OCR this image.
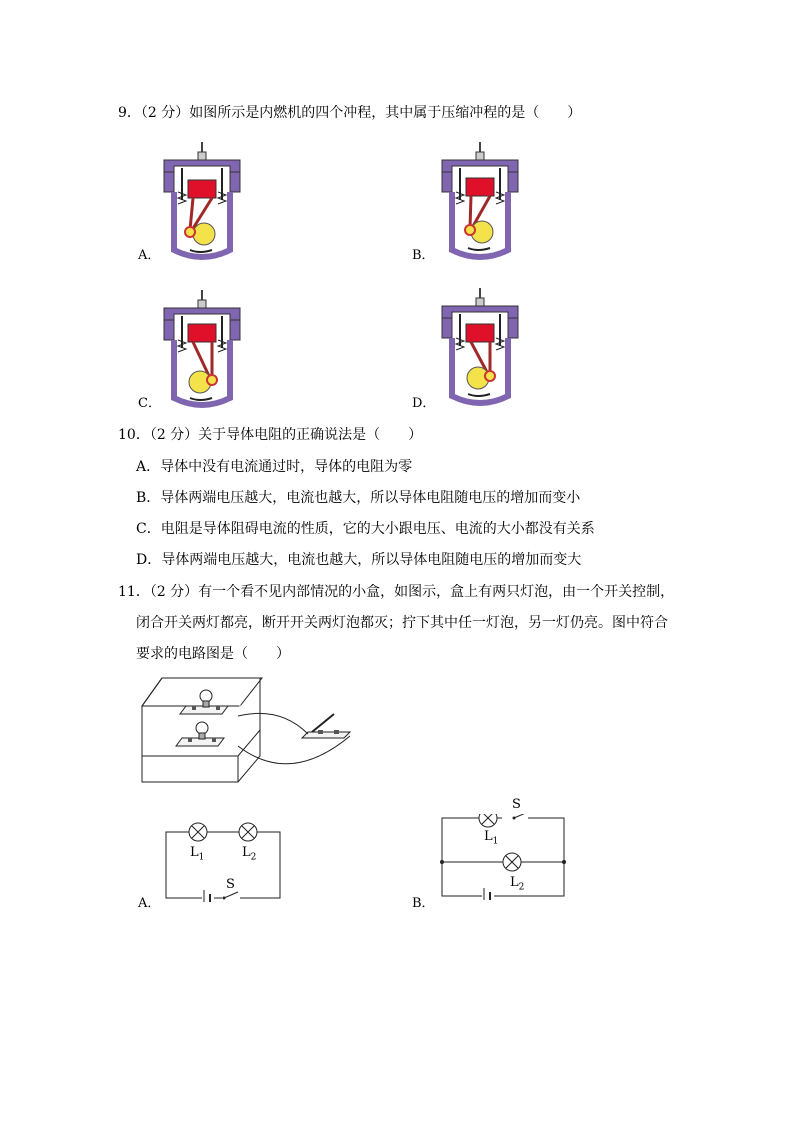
9．（2 分）如图所示是内燃机的四个冲程，其中属于压缩冲程的是（　　）
A．	B．
C．	D．
10．（2 分）关于导体电阻的正确说法是（　　）
A．导体中没有电流通过时，导体的电阻为零
B．导体两端电压越大，电流也越大，所以导体电阻随电压的增加而变小
C．电阻是导体阻碍电流的性质，它的大小跟电压、电流的大小都没有关系
D．导体两端电压越大，电流也越大，所以导体电阻随电压的增加而变大
11．（2 分）有一个看不见内部情况的小盒，如图示，盒上有两只灯泡，由一个开关控制，
闭合开关两灯都亮，断开开关两灯泡都灭；拧下其中任一灯泡，另一灯仍亮。图中符合
要求的电路图是（　　）
$L_1$	$L_2$
S
A．
S
$L_1$
$L_2$
B．
